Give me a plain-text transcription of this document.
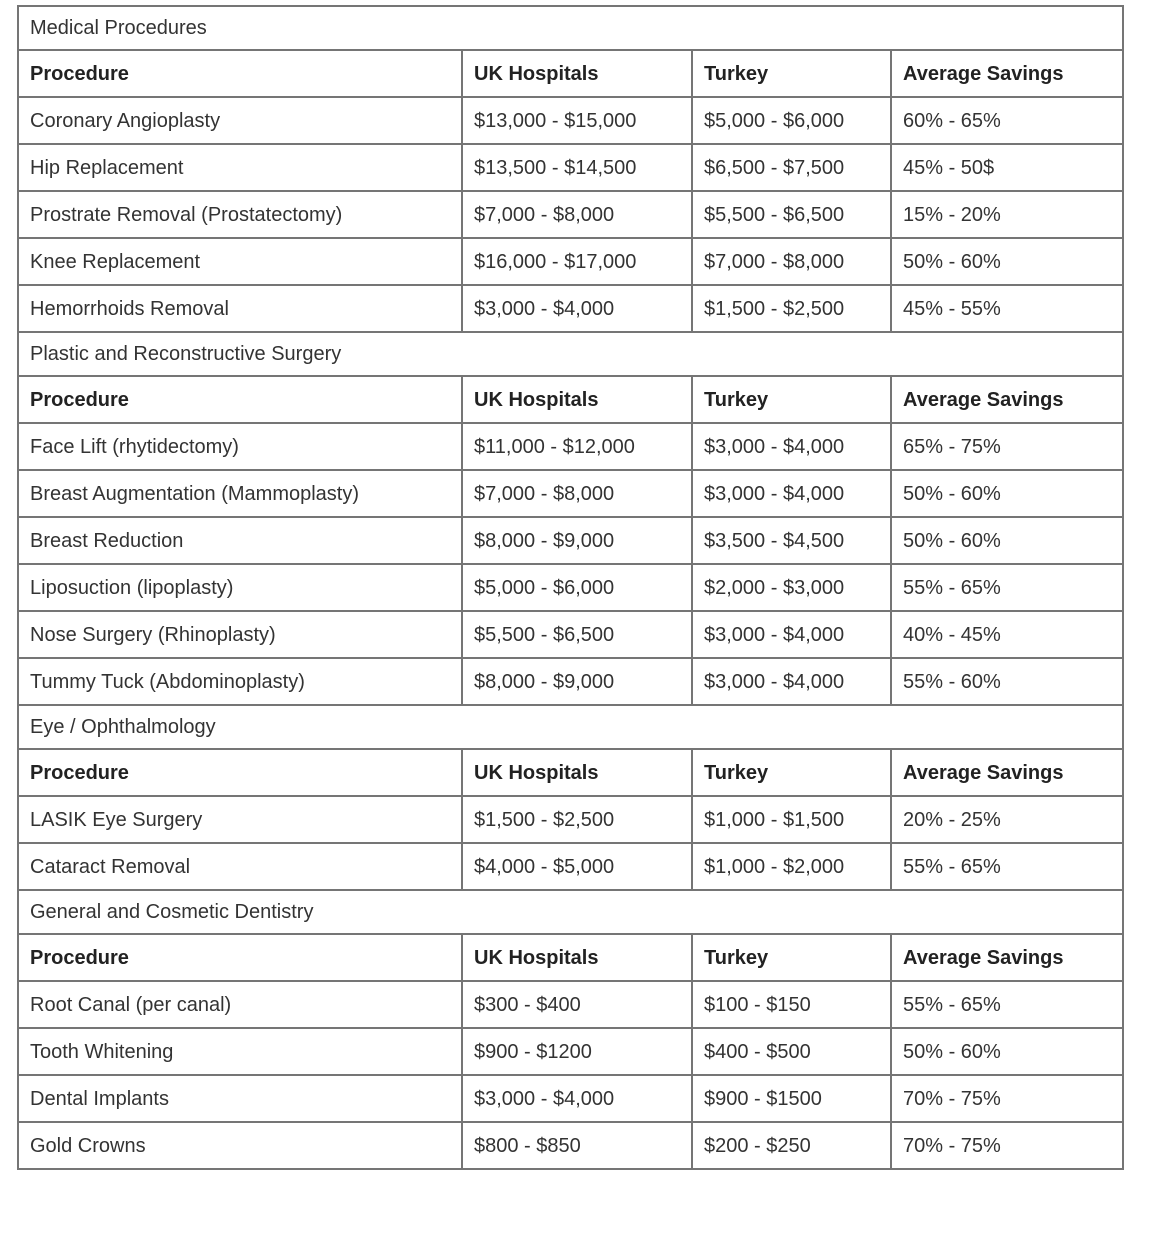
Medical Procedures			
Procedure	UK Hospitals	Turkey	Average Savings
Coronary Angioplasty	$13,000 - $15,000	$5,000 - $6,000	60% - 65%
Hip Replacement	$13,500 - $14,500	$6,500 - $7,500	45% - 50$
Prostrate Removal (Prostatectomy)	$7,000 - $8,000	$5,500 - $6,500	15% - 20%
Knee Replacement	$16,000 - $17,000	$7,000 - $8,000	50% - 60%
Hemorrhoids Removal	$3,000 - $4,000	$1,500 - $2,500	45% - 55%
Plastic and Reconstructive Surgery			
Procedure	UK Hospitals	Turkey	Average Savings
Face Lift (rhytidectomy)	$11,000 - $12,000	$3,000 - $4,000	65% - 75%
Breast Augmentation (Mammoplasty)	$7,000 - $8,000	$3,000 - $4,000	50% - 60%
Breast Reduction	$8,000 - $9,000	$3,500 - $4,500	50% - 60%
Liposuction (lipoplasty)	$5,000 - $6,000	$2,000 - $3,000	55% - 65%
Nose Surgery (Rhinoplasty)	$5,500 - $6,500	$3,000 - $4,000	40% - 45%
Tummy Tuck (Abdominoplasty)	$8,000 - $9,000	$3,000 - $4,000	55% - 60%
Eye / Ophthalmology			
Procedure	UK Hospitals	Turkey	Average Savings
LASIK Eye Surgery	$1,500 - $2,500	$1,000 - $1,500	20% - 25%
Cataract Removal	$4,000 - $5,000	$1,000 - $2,000	55% - 65%
General and Cosmetic Dentistry			
Procedure	UK Hospitals	Turkey	Average Savings
Root Canal (per canal)	$300 - $400	$100 - $150	55% - 65%
Tooth Whitening	$900 - $1200	$400 - $500	50% - 60%
Dental Implants	$3,000 - $4,000	$900 - $1500	70% - 75%
Gold Crowns	$800 - $850	$200 - $250	70% - 75%
